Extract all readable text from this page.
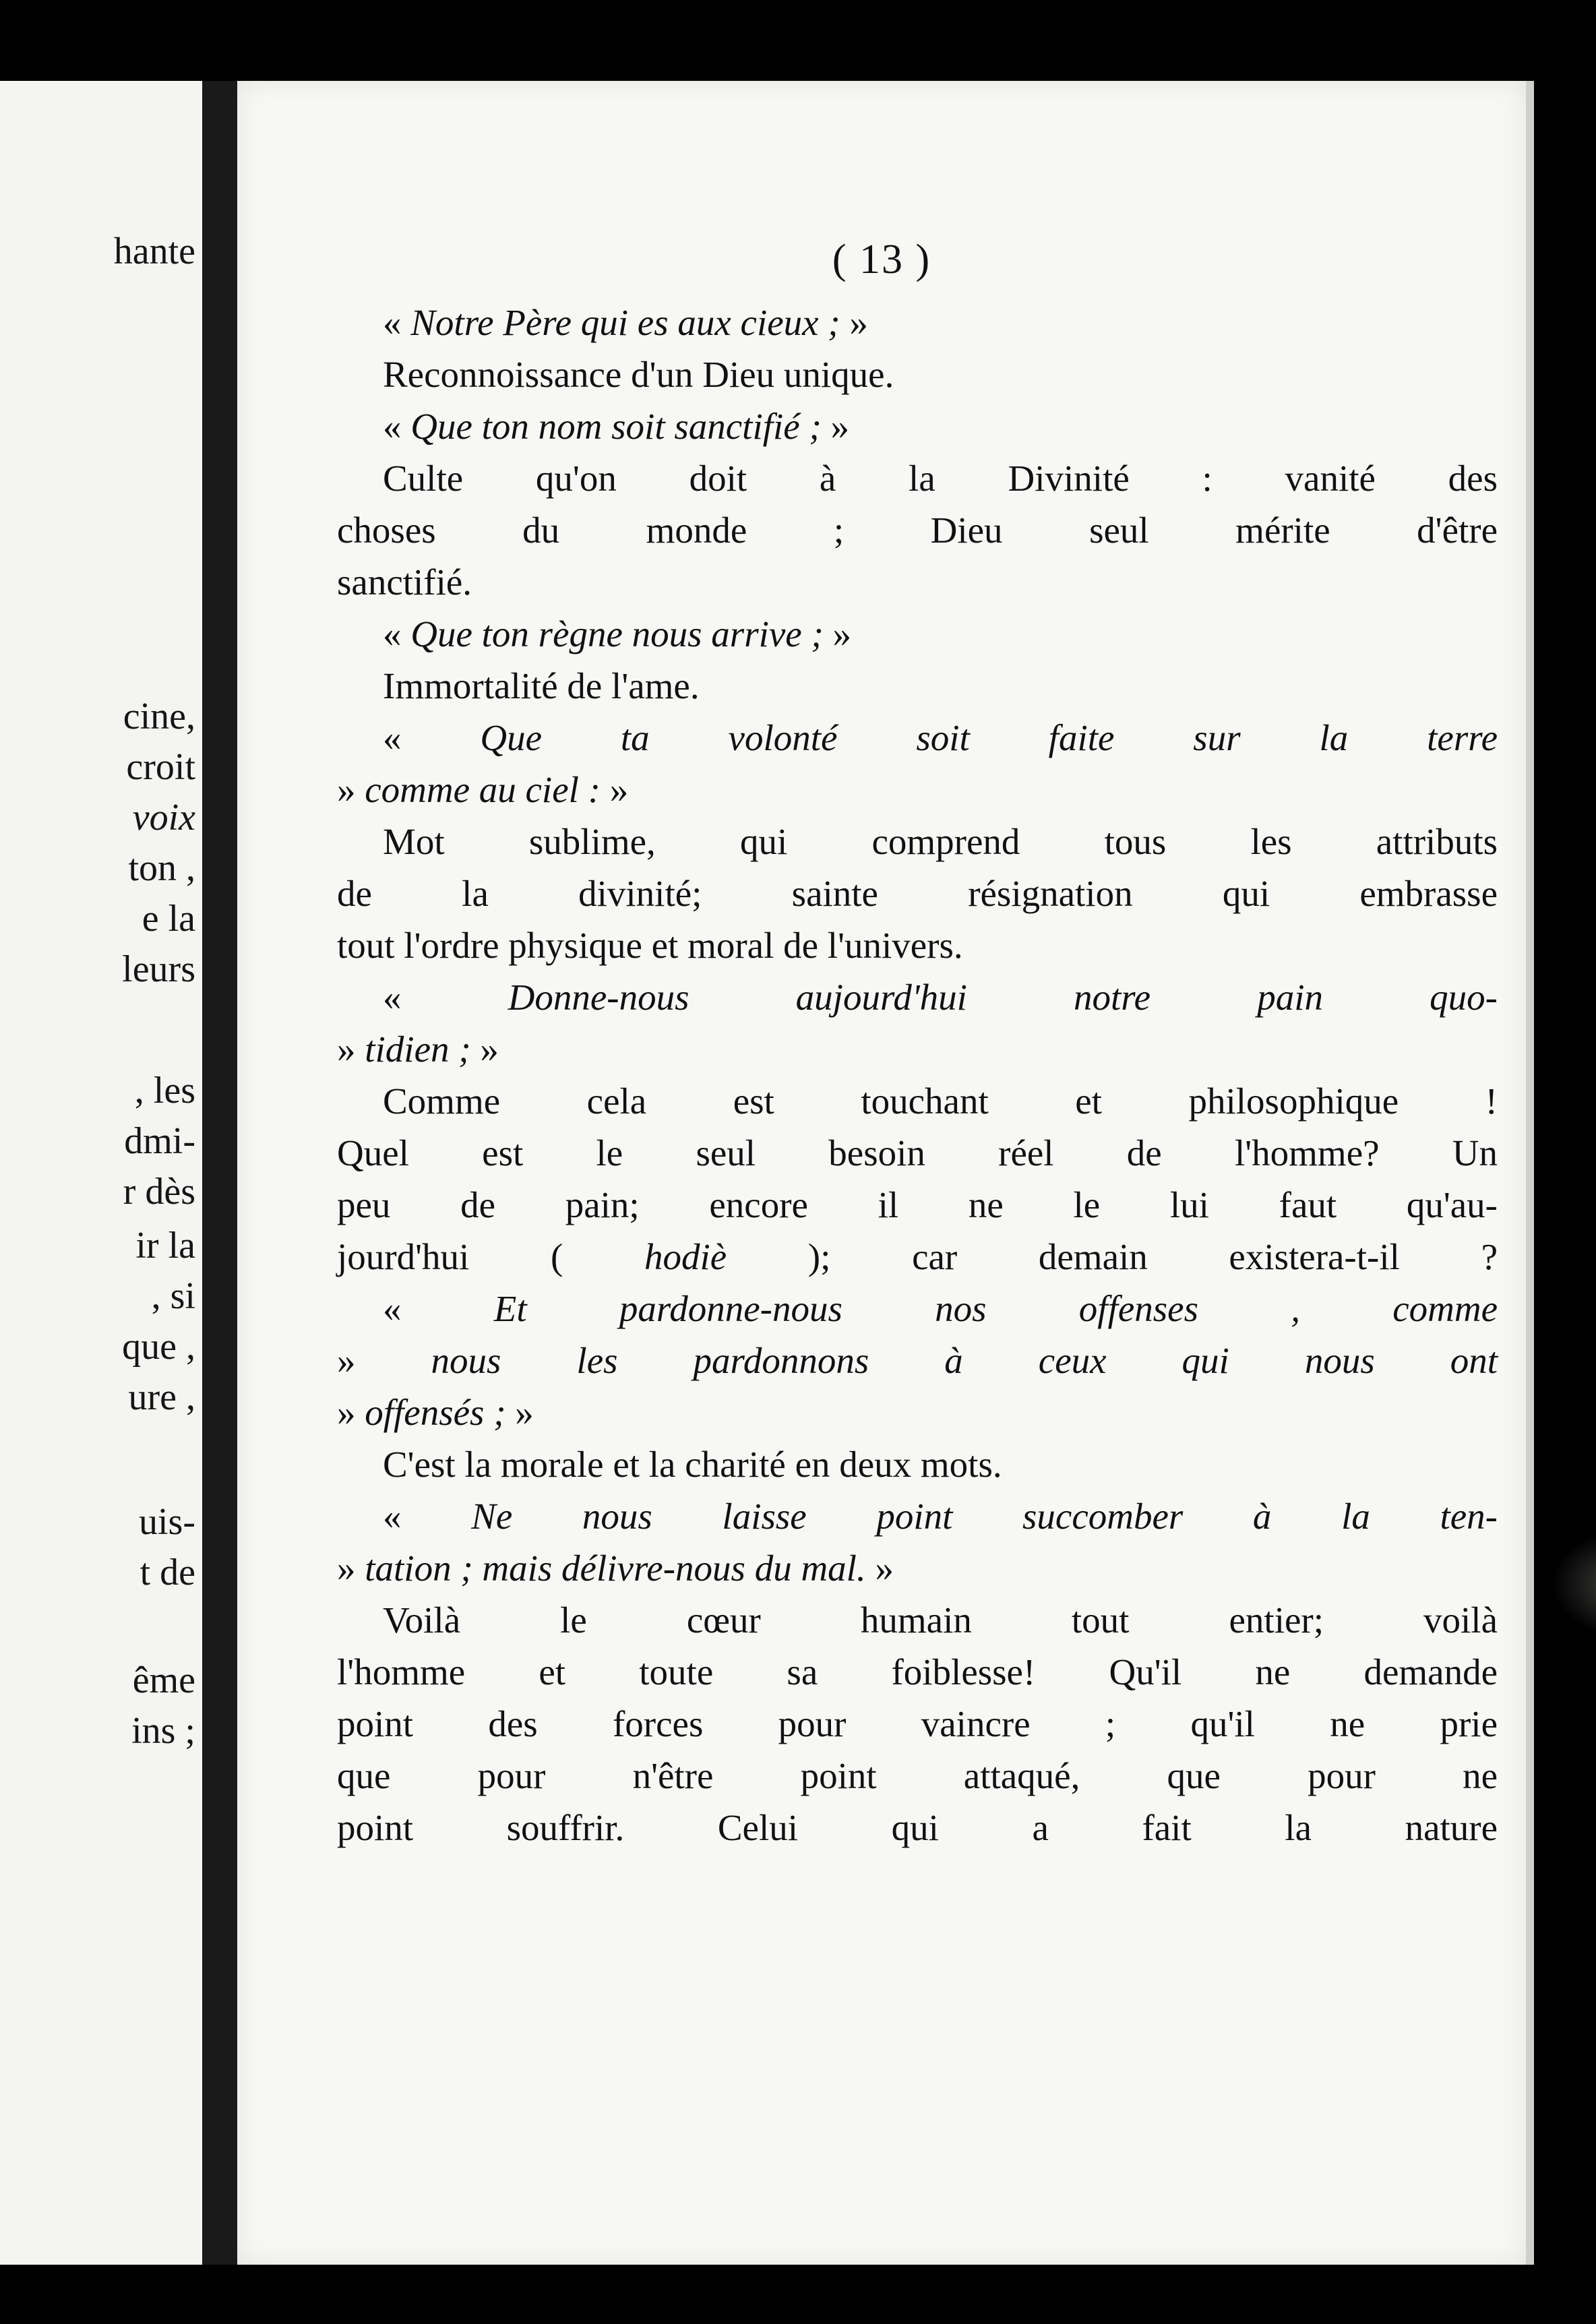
hante
cine,
croit
voix
ton ,
e la
leurs
, les
dmi-
r dès
ir la
, si
que ,
ure ,
uis-
t de
ême
ins ;
( 13 )
« Notre Père qui es aux cieux ; »
Reconnoissance d'un Dieu unique.
« Que ton nom soit sanctifié ; »
Culte qu'on doit à la Divinité : vanité des
choses du monde ; Dieu seul mérite d'être
sanctifié.
« Que ton règne nous arrive ; »
Immortalité de l'ame.
« Que ta volonté soit faite sur la terre
» comme au ciel : »
Mot sublime, qui comprend tous les attributs
de la divinité; sainte résignation qui embrasse
tout l'ordre physique et moral de l'univers.
« Donne-nous aujourd'hui notre pain quo-
» tidien ; »
Comme cela est touchant et philosophique !
Quel est le seul besoin réel de l'homme? Un
peu de pain; encore il ne le lui faut qu'au-
jourd'hui ( hodiè ); car demain existera-t-il ?
« Et pardonne-nous nos offenses , comme
» nous les pardonnons à ceux qui nous ont
» offensés ; »
C'est la morale et la charité en deux mots.
« Ne nous laisse point succomber à la ten-
» tation ; mais délivre-nous du mal. »
Voilà le cœur humain tout entier; voilà
l'homme et toute sa foiblesse! Qu'il ne demande
point des forces pour vaincre ; qu'il ne prie
que pour n'être point attaqué, que pour ne
point souffrir. Celui qui a fait la nature
